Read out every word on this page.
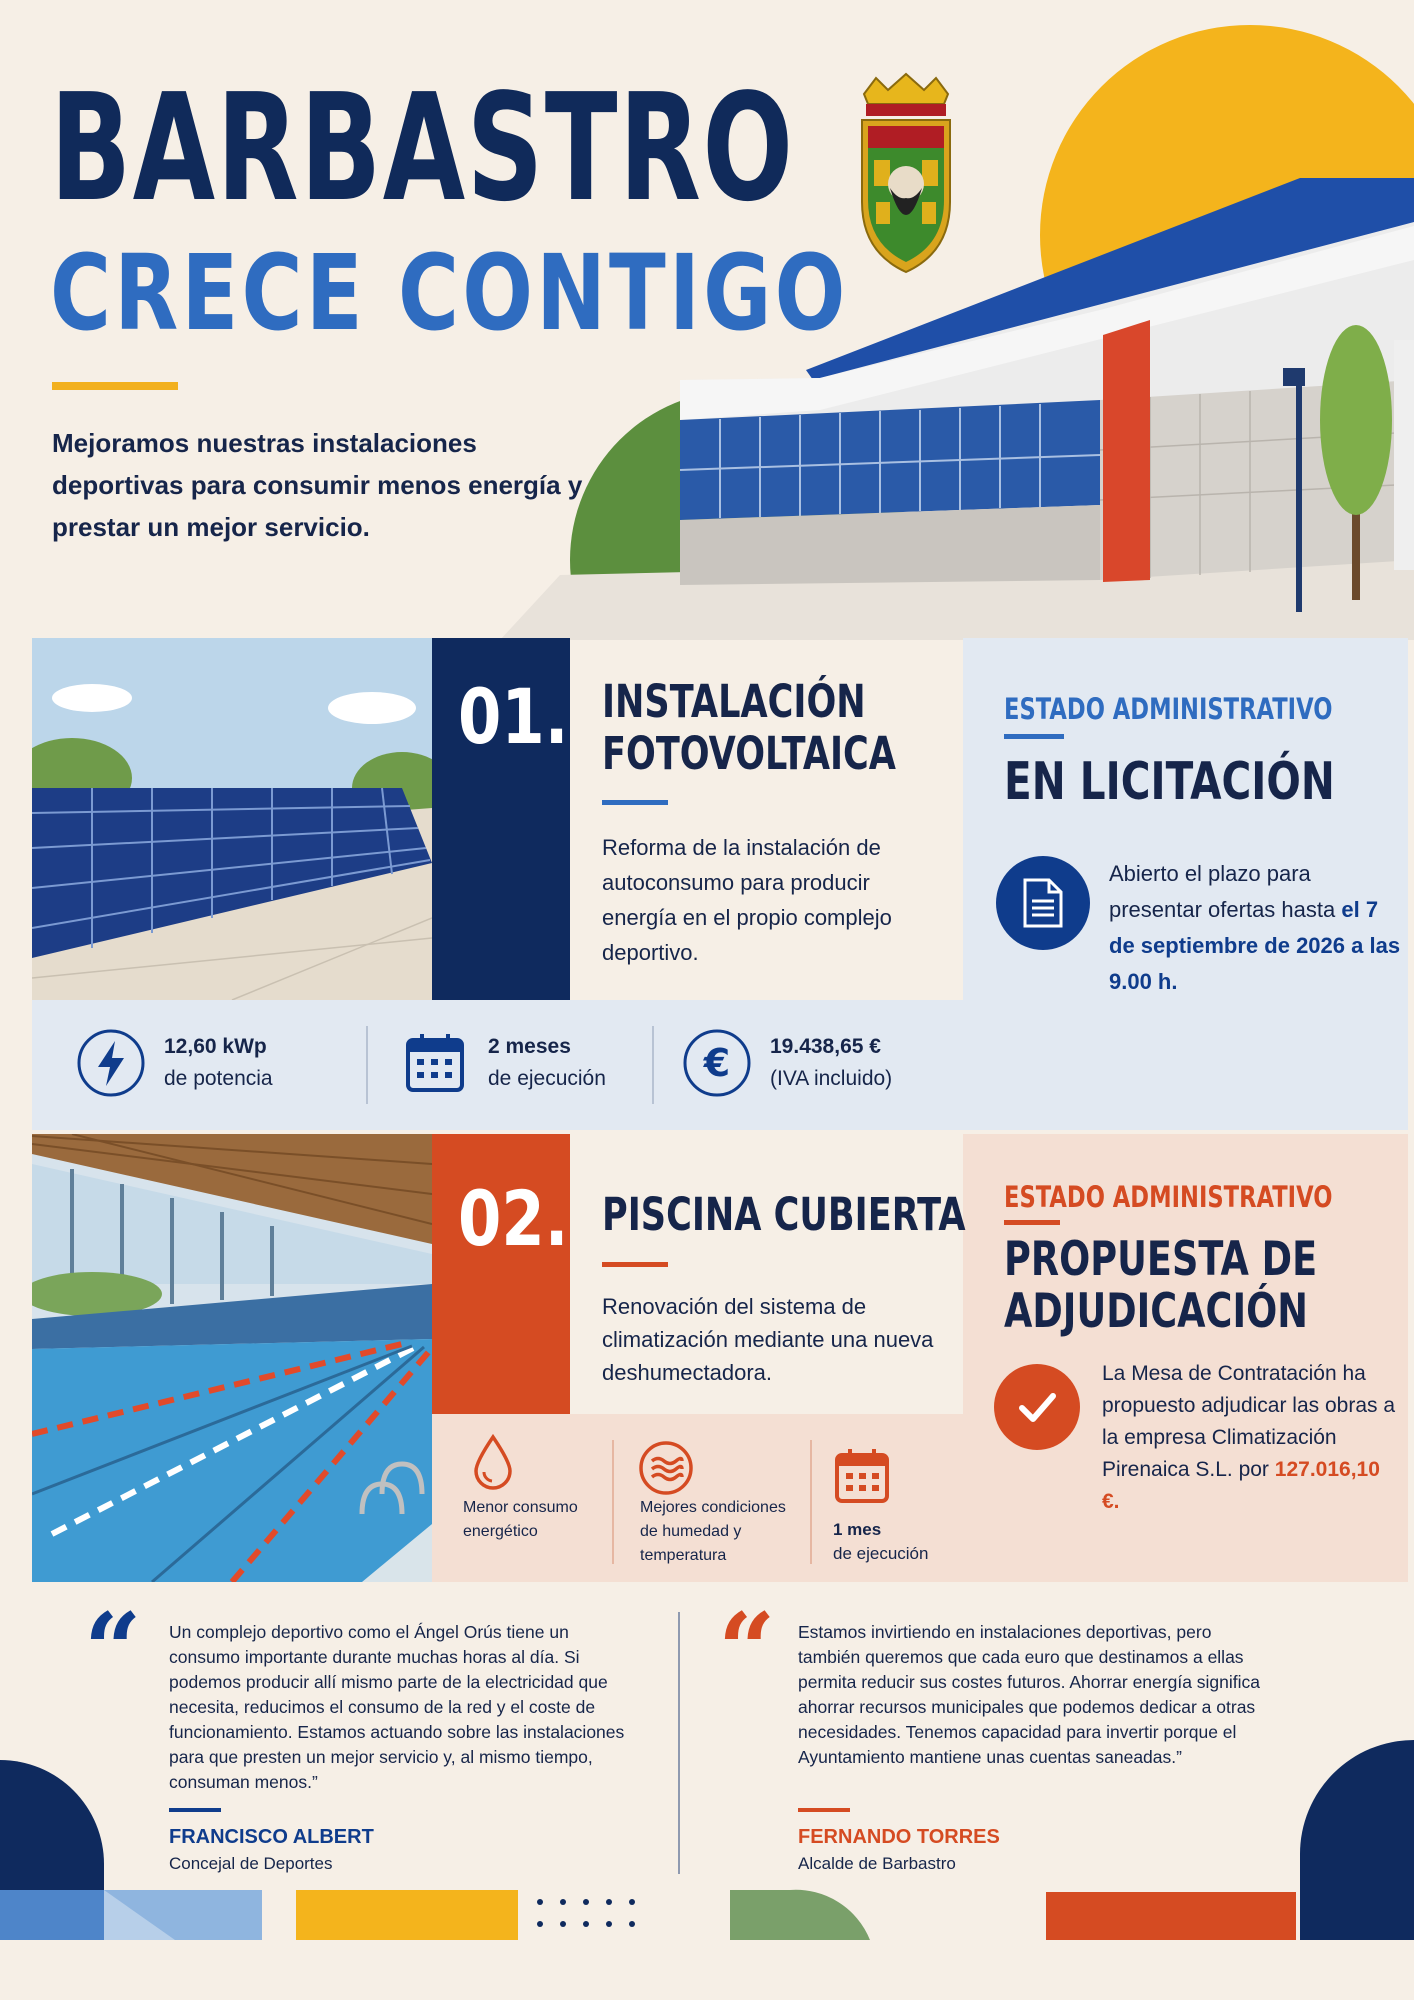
BARBASTRO
CRECE CONTIGO
Mejoramos nuestras instalaciones deportivas para consumir menos energía y prestar un mejor servicio.
01. INSTALACIÓN
FOTOVOLTAICA
Reforma de la instalación de autoconsumo para producir energía en el propio complejo deportivo.
ESTADO ADMINISTRATIVO
EN LICITACIÓN
Abierto el plazo para presentar ofertas hasta el 7 de septiembre de 2026 a las 9.00 h.
12,60 kWp
de potencia
2 meses
de ejecución	€ 19.438,65 €
(IVA incluido)
02. PISCINA CUBIERTA
Renovación del sistema de climatización mediante una nueva deshumectadora.
Menor consumo energético
Mejores condiciones de humedad y temperatura
1 mes
de ejecución
ESTADO ADMINISTRATIVO
PROPUESTA DE
ADJUDICACIÓN
La Mesa de Contratación ha propuesto adjudicar las obras a la empresa Climatización Pirenaica S.L. por 127.016,10 €.
“ Un complejo deportivo como el Ángel Orús tiene un consumo importante durante muchas horas al día. Si podemos producir allí mismo parte de la electricidad que necesita, reducimos el consumo de la red y el coste de funcionamiento. Estamos actuando sobre las instalaciones para que presten un mejor servicio y, al mismo tiempo, consuman menos.”
FRANCISCO ALBERT
Concejal de Deportes
“ Estamos invirtiendo en instalaciones deportivas, pero también queremos que cada euro que destinamos a ellas permita reducir sus costes futuros. Ahorrar energía significa ahorrar recursos municipales que podemos dedicar a otras necesidades. Tenemos capacidad para invertir porque el Ayuntamiento mantiene unas cuentas saneadas.”
FERNANDO TORRES
Alcalde de Barbastro
